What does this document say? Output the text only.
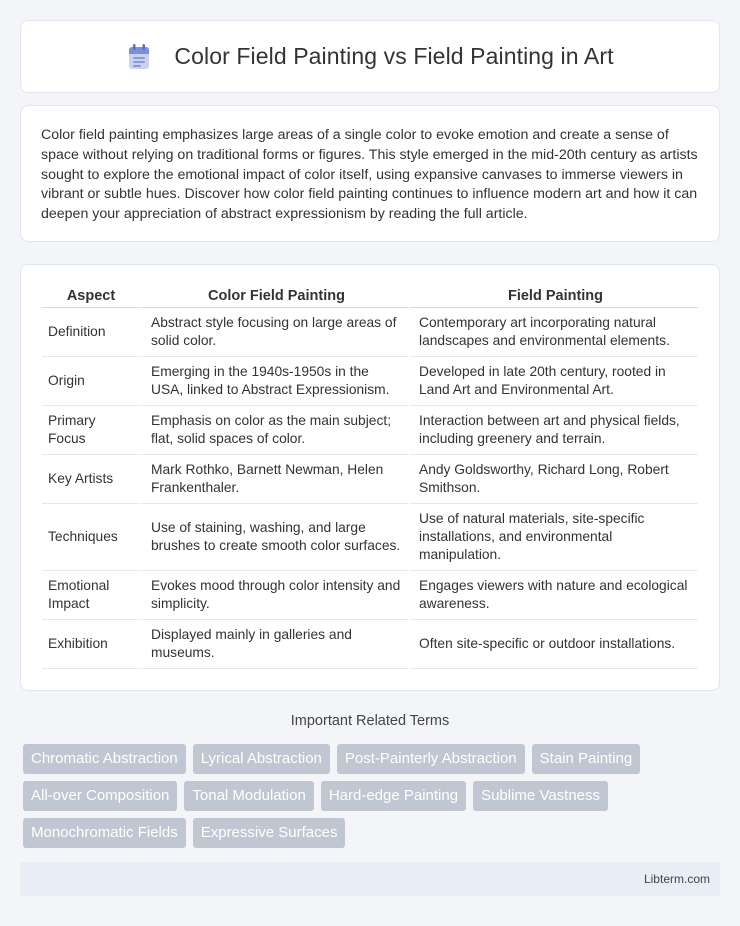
Color Field Painting vs Field Painting in Art

Color field painting emphasizes large areas of a single color to evoke emotion and create a sense of space without relying on traditional forms or figures. This style emerged in the mid-20th century as artists sought to explore the emotional impact of color itself, using expansive canvases to immerse viewers in vibrant or subtle hues. Discover how color field painting continues to influence modern art and how it can deepen your appreciation of abstract expressionism by reading the full article.

Aspect	Color Field Painting	Field Painting
Definition	Abstract style focusing on large areas of solid color.	Contemporary art incorporating natural landscapes and environmental elements.
Origin	Emerging in the 1940s-1950s in the USA, linked to Abstract Expressionism.	Developed in late 20th century, rooted in Land Art and Environmental Art.
Primary Focus	Emphasis on color as the main subject; flat, solid spaces of color.	Interaction between art and physical fields, including greenery and terrain.
Key Artists	Mark Rothko, Barnett Newman, Helen Frankenthaler.	Andy Goldsworthy, Richard Long, Robert Smithson.
Techniques	Use of staining, washing, and large brushes to create smooth color surfaces.	Use of natural materials, site-specific installations, and environmental manipulation.
Emotional Impact	Evokes mood through color intensity and simplicity.	Engages viewers with nature and ecological awareness.
Exhibition	Displayed mainly in galleries and museums.	Often site-specific or outdoor installations.
Important Related Terms
Chromatic Abstraction	Lyrical Abstraction	Post-Painterly Abstraction	Stain Painting
All-over Composition	Tonal Modulation	Hard-edge Painting	Sublime Vastness
Monochromatic Fields	Expressive Surfaces
Libterm.com
